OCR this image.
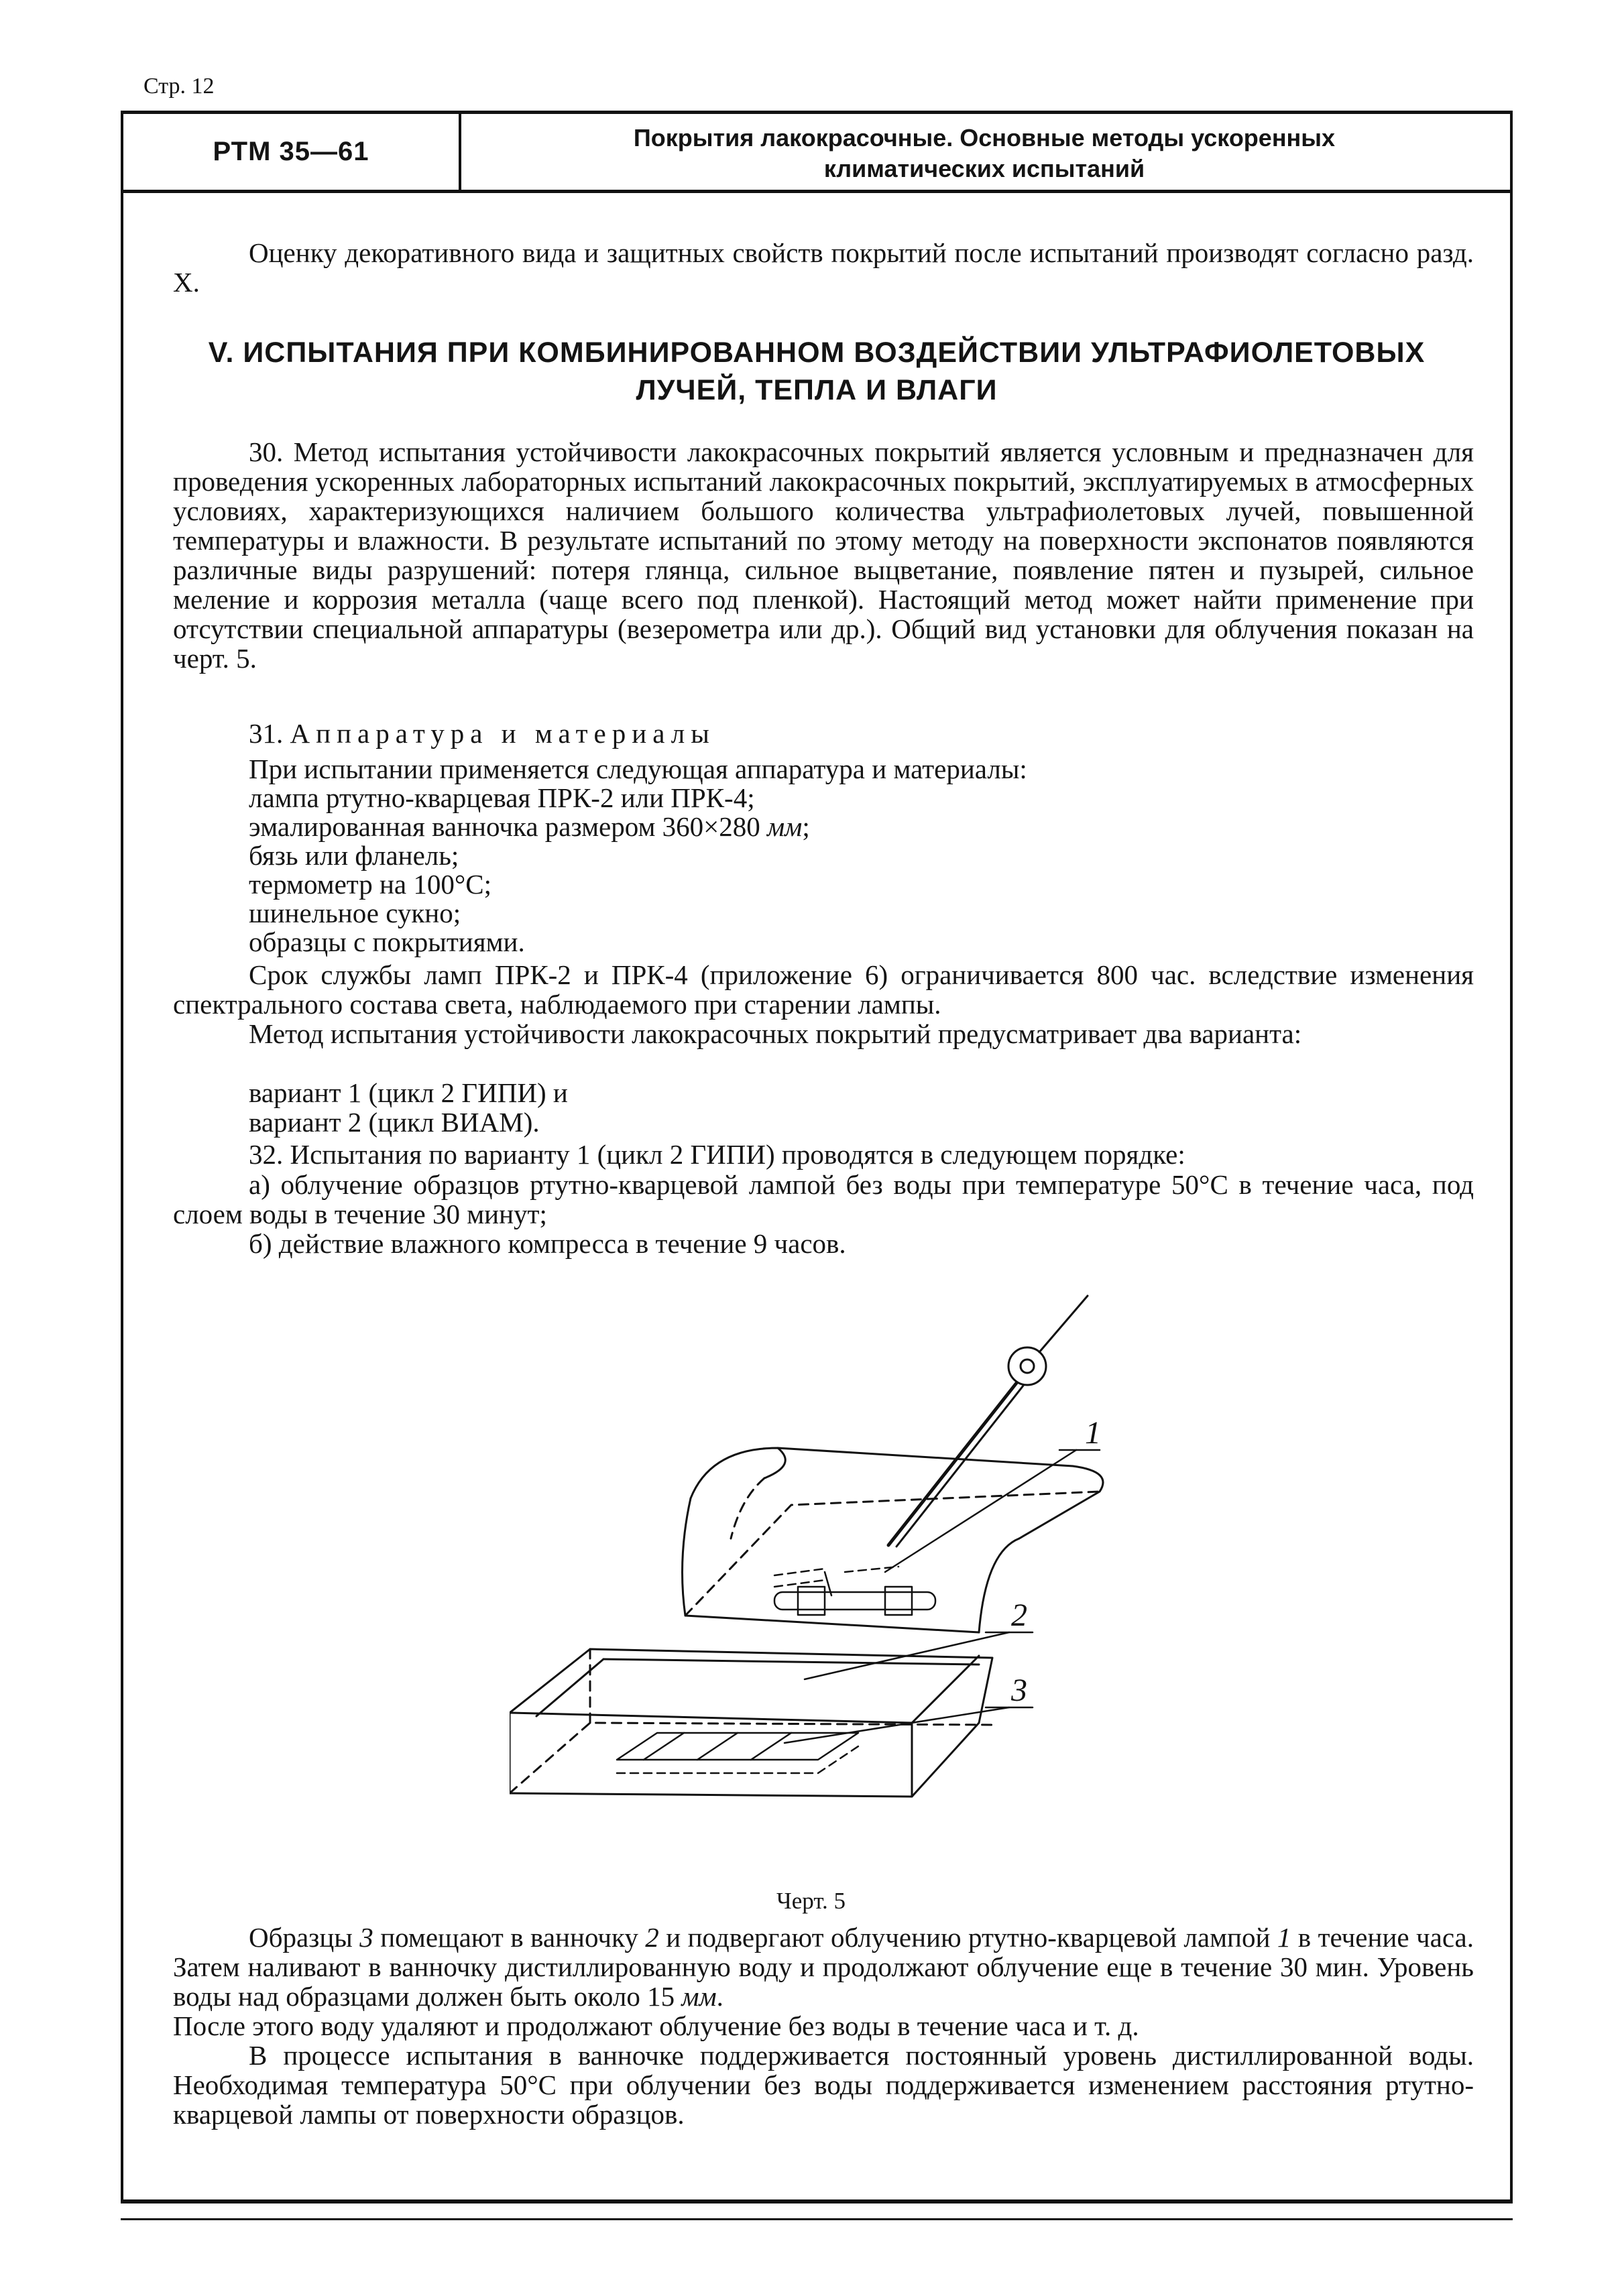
Стр. 12
РТМ 35—61	Покрытия лакокрасочные. Основные методы ускоренных
климатических испытаний

Оценку декоративного вида и защитных свойств покрытий после испытаний производят согласно разд. X.

V. ИСПЫТАНИЯ ПРИ КОМБИНИРОВАННОМ ВОЗДЕЙСТВИИ УЛЬТРАФИОЛЕТОВЫХ
ЛУЧЕЙ, ТЕПЛА И ВЛАГИ

30. Метод испытания устойчивости лакокрасочных покрытий является условным и предназначен для проведения ускоренных лабораторных испытаний лакокрасочных покрытий, эксплуатируемых в атмосферных условиях, характеризующихся наличием большого количества ультрафиолетовых лучей, повышенной температуры и влажности. В результате испытаний по этому методу на поверхности экспонатов появляются различные виды разрушений: потеря глянца, сильное выцветание, появление пятен и пузырей, сильное меление и коррозия металла (чаще всего под пленкой). Настоящий метод может найти применение при отсутствии специальной аппаратуры (везерометра или др.). Общий вид установки для облучения показан на черт. 5.

31. Аппаратура и материалы
При испытании применяется следующая аппаратура и материалы:
лампа ртутно-кварцевая ПРК-2 или ПРК-4;
эмалированная ванночка размером 360×280 мм;
бязь или фланель;
термометр на 100°С;
шинельное сукно;
образцы с покрытиями.

Срок службы ламп ПРК-2 и ПРК-4 (приложение 6) ограничивается 800 час. вследствие изменения спектрального состава света, наблюдаемого при старении лампы.

Метод испытания устойчивости лакокрасочных покрытий предусматривает два варианта:

вариант 1 (цикл 2 ГИПИ) и
вариант 2 (цикл ВИАМ).

32. Испытания по варианту 1 (цикл 2 ГИПИ) проводятся в следующем порядке:

а) облучение образцов ртутно-кварцевой лампой без воды при температуре 50°С в течение часа, под слоем воды в течение 30 минут;

б) действие влажного компресса в течение 9 часов.

1
2
3
Черт. 5

Образцы 3 помещают в ванночку 2 и подвергают облучению ртутно-кварцевой лампой 1 в течение часа. Затем наливают в ванночку дистиллированную воду и продолжают облучение еще в течение 30 мин. Уровень воды над образцами должен быть около 15 мм.

После этого воду удаляют и продолжают облучение без воды в течение часа и т. д.

В процессе испытания в ванночке поддерживается постоянный уровень дистиллированной воды. Необходимая температура 50°С при облучении без воды поддерживается изменением расстояния ртутно-кварцевой лампы от поверхности образцов.
